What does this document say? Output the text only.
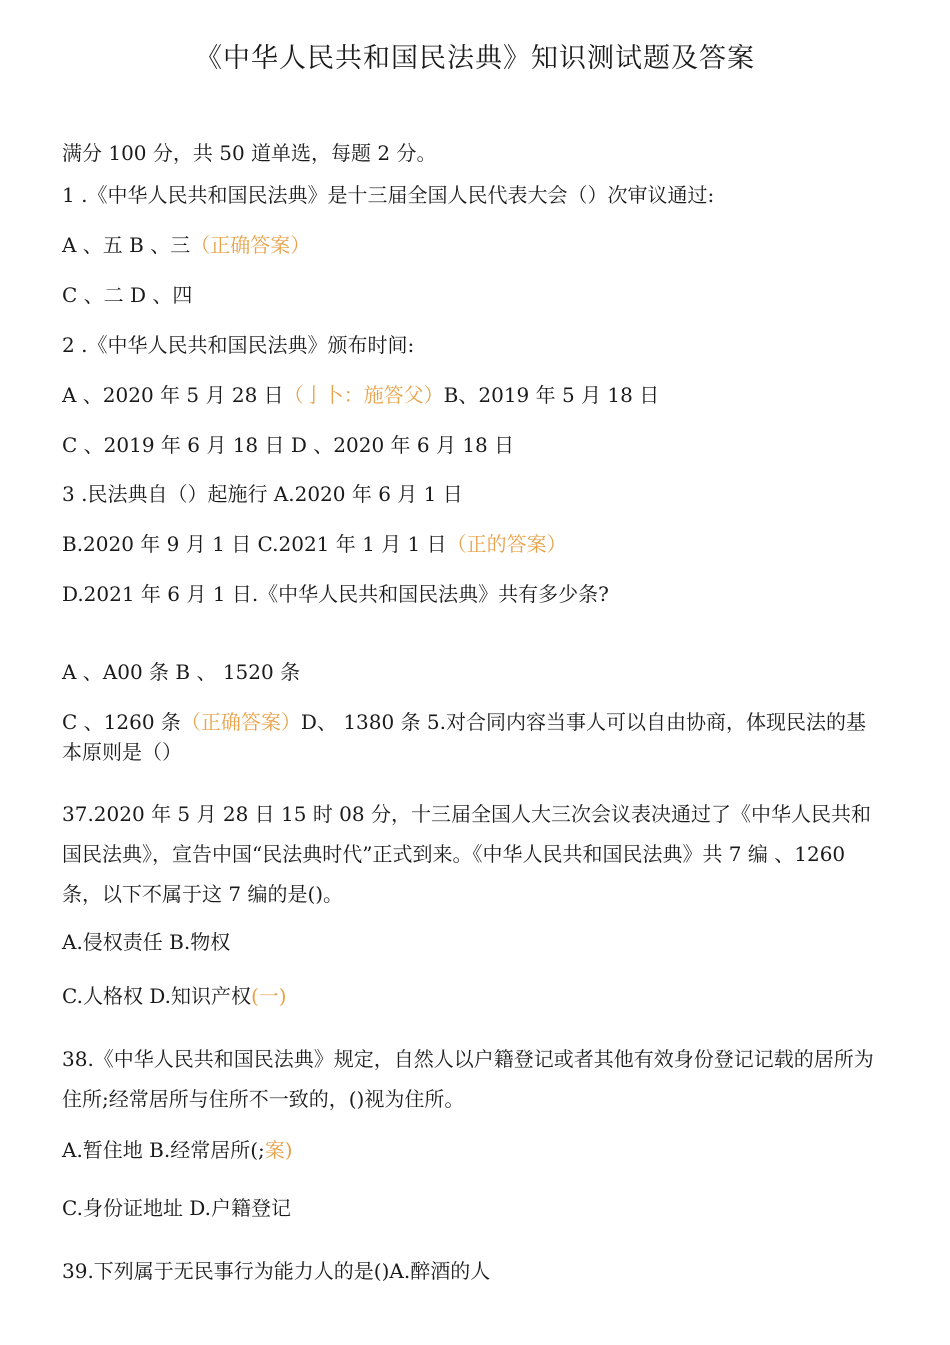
《中华人民共和国民法典》知识测试题及答案
满分 100 分，共 50 道单选，每题 2 分。
1 .《中华人民共和国民法典》是十三届全国人民代表大会（）次审议通过:
A 、五 B 、三（正确答案）
C 、二 D 、四
2 .《中华人民共和国民法典》颁布时间:
A 、2020 年 5 月 28 日（亅卜：施答父）B、2019 年 5 月 18 日
C 、2019 年 6 月 18 日 D 、2020 年 6 月 18 日
3 .民法典自（）起施行 A.2020 年 6 月 1 日
B.2020 年 9 月 1 日 C.2021 年 1 月 1 日（正的答案）
D.2021 年 6 月 1 日.《中华人民共和国民法典》共有多少条?
A 、A00 条 B 、 1520 条
C 、1260 条（正确答案）D、 1380 条 5.对合同内容当事人可以自由协商，体现民法的基本原则是（）
37.2020 年 5 月 28 日 15 时 08 分，十三届全国人大三次会议表决通过了《中华人民共和 国民法典》，宣告中国“民法典时代”正式到来。《中华人民共和国民法典》共 7 编 、1260 条，以下不属于这 7 编的是()。
A.侵权责任 B.物权
C.人格权 D.知识产权(一)
38.《中华人民共和国民法典》规定，自然人以户籍登记或者其他有效身份登记记载的居所为住所;经常居所与住所不一致的，()视为住所。
A.暂住地 B.经常居所(;案)
C.身份证地址 D.户籍登记
39.下列属于无民事行为能力人的是()A.醉酒的人
